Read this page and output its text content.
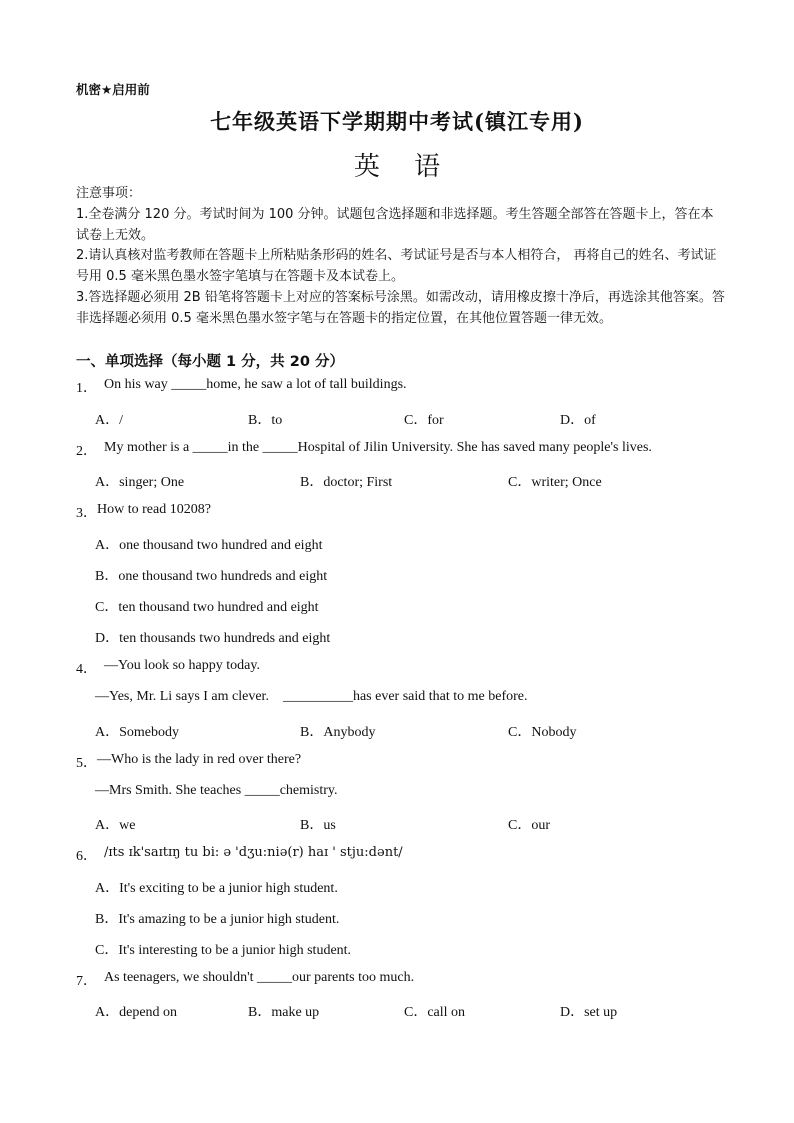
机密★启用前
七年级英语下学期期中考试(镇江专用)
英 语
注意事项：
1.全卷满分 120 分。考试时间为 100 分钟。试题包含选择题和非选择题。考生答题全部答在答题卡上，答在本试卷上无效。
2.请认真核对监考教师在答题卡上所粘贴条形码的姓名、考试证号是否与本人相符合， 再将自己的姓名、考试证号用 0.5 毫米黑色墨水签字笔填与在答题卡及本试卷上。
3.答选择题必须用 2B 铅笔将答题卡上对应的答案标号涂黑。如需改动，请用橡皮擦十净后，再选涂其他答案。答非选择题必须用 0.5 毫米黑色墨水签字笔与在答题卡的指定位置，在其他位置答题一律无效。
一、单项选择（每小题 1 分，共 20 分）
1． On his way _____home, he saw a lot of tall buildings.
A．/	B．to	C．for	D．of
2． My mother is a _____in the _____Hospital of Jilin University. She has saved many people's lives.
A．singer; One	B．doctor; First	C．writer; Once
3． How to read 10208?
A．one thousand two hundred and eight
B．one thousand two hundreds and eight
C．ten thousand two hundred and eight
D．ten thousands two hundreds and eight
4． —You look so happy today.
—Yes, Mr. Li says I am clever.    __________has ever said that to me before.
A．Somebody	B．Anybody	C．Nobody
5． —Who is the lady in red over there?
—Mrs Smith. She teaches _____chemistry.
A．we	B．us	C．our
6． /ɪts ɪk'saɪtɪŋ tu bi: ə 'dʒu:niə(r) haɪ ' stju:dənt/
A．It's exciting to be a junior high student.
B．It's amazing to be a junior high student.
C．It's interesting to be a junior high student.
7． As teenagers, we shouldn't _____our parents too much.
A．depend on	B．make up	C．call on	D．set up
